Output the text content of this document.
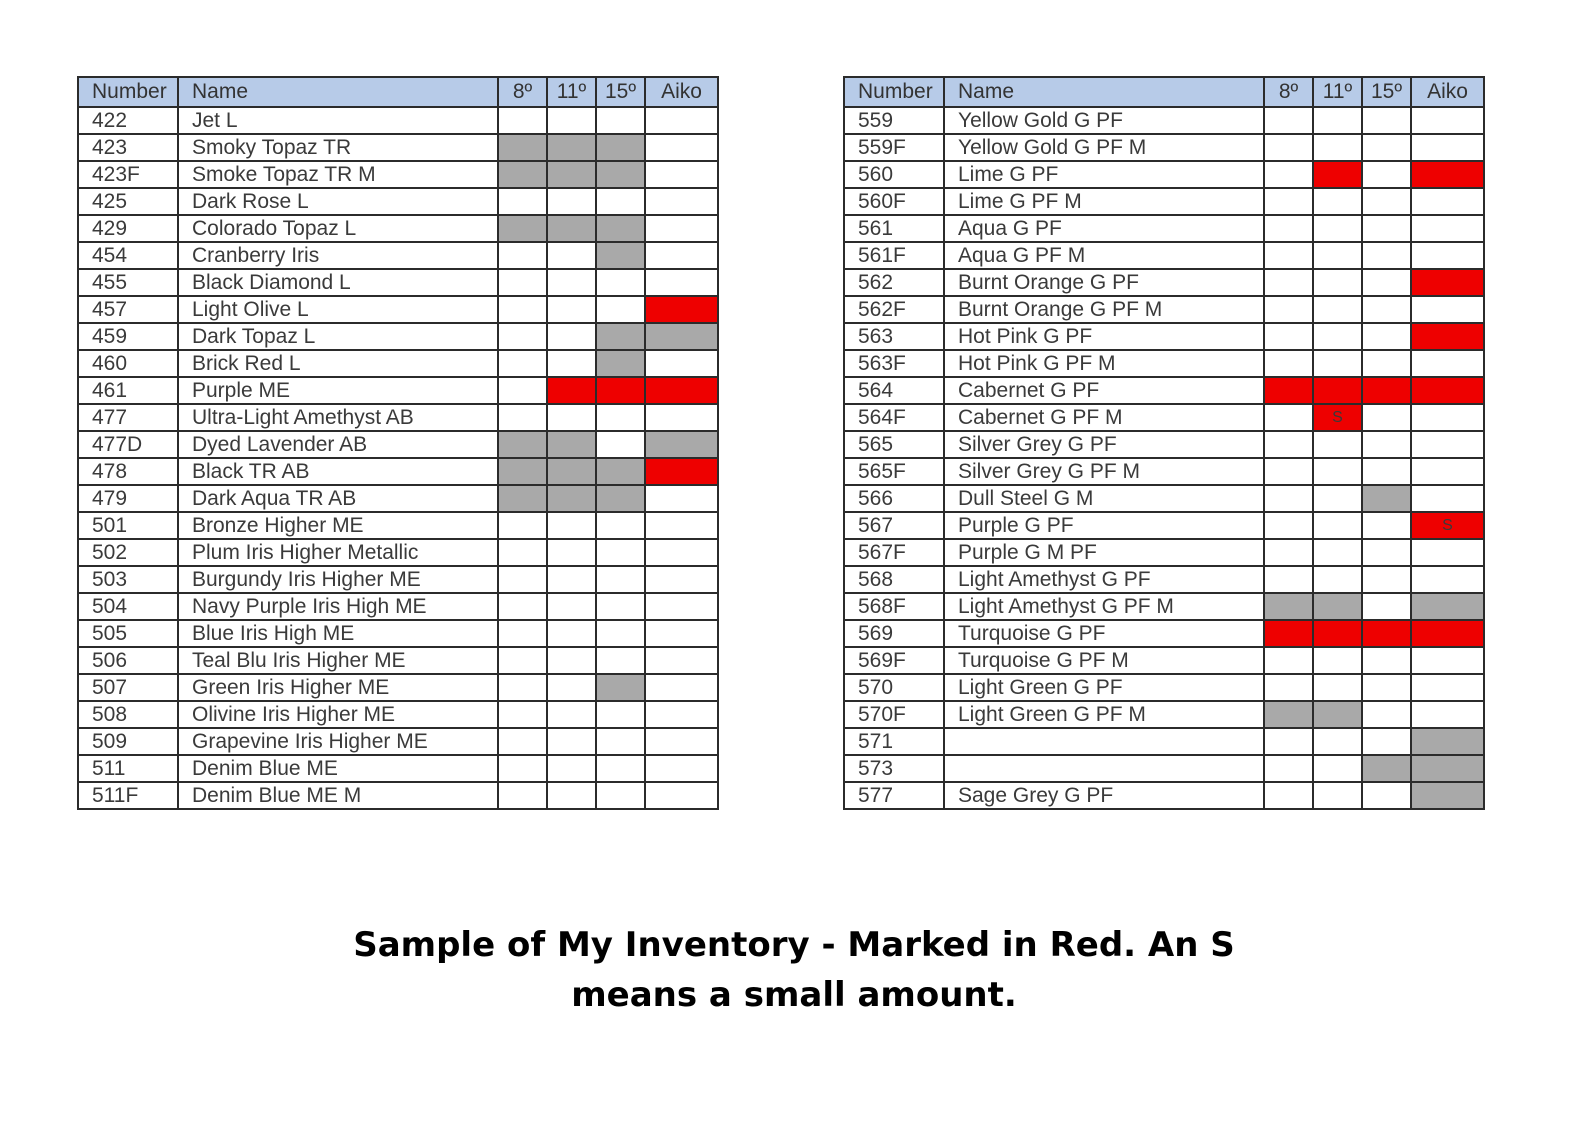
Number	Name	8º	11º	15º	Aiko
422	Jet L				
423	Smoky Topaz TR				
423F	Smoke Topaz TR M				
425	Dark Rose L				
429	Colorado Topaz L				
454	Cranberry Iris				
455	Black Diamond L				
457	Light Olive L				
459	Dark Topaz L				
460	Brick Red L				
461	Purple ME				
477	Ultra-Light Amethyst AB				
477D	Dyed Lavender AB				
478	Black TR AB				
479	Dark Aqua TR AB				
501	Bronze Higher ME				
502	Plum Iris Higher Metallic				
503	Burgundy Iris Higher ME				
504	Navy Purple Iris High ME				
505	Blue Iris High ME				
506	Teal Blu Iris Higher ME				
507	Green Iris Higher ME				
508	Olivine Iris Higher ME				
509	Grapevine Iris Higher ME				
511	Denim Blue ME				
511F	Denim Blue ME M				
Number	Name	8º	11º	15º	Aiko
559	Yellow Gold G PF				
559F	Yellow Gold G PF M				
560	Lime G PF				
560F	Lime G PF M				
561	Aqua G PF				
561F	Aqua G PF M				
562	Burnt Orange G PF				
562F	Burnt Orange G PF M				
563	Hot Pink G PF				
563F	Hot Pink G PF M				
564	Cabernet G PF				
564F	Cabernet G PF M		S		
565	Silver Grey G PF				
565F	Silver Grey G PF M				
566	Dull Steel G M				
567	Purple G PF				S
567F	Purple G M PF				
568	Light Amethyst G PF				
568F	Light Amethyst G PF M				
569	Turquoise G PF				
569F	Turquoise G PF M				
570	Light Green G PF				
570F	Light Green G PF M				
571					
573					
577	Sage Grey G PF				
Sample of My Inventory - Marked in Red. An S
means a small amount.
